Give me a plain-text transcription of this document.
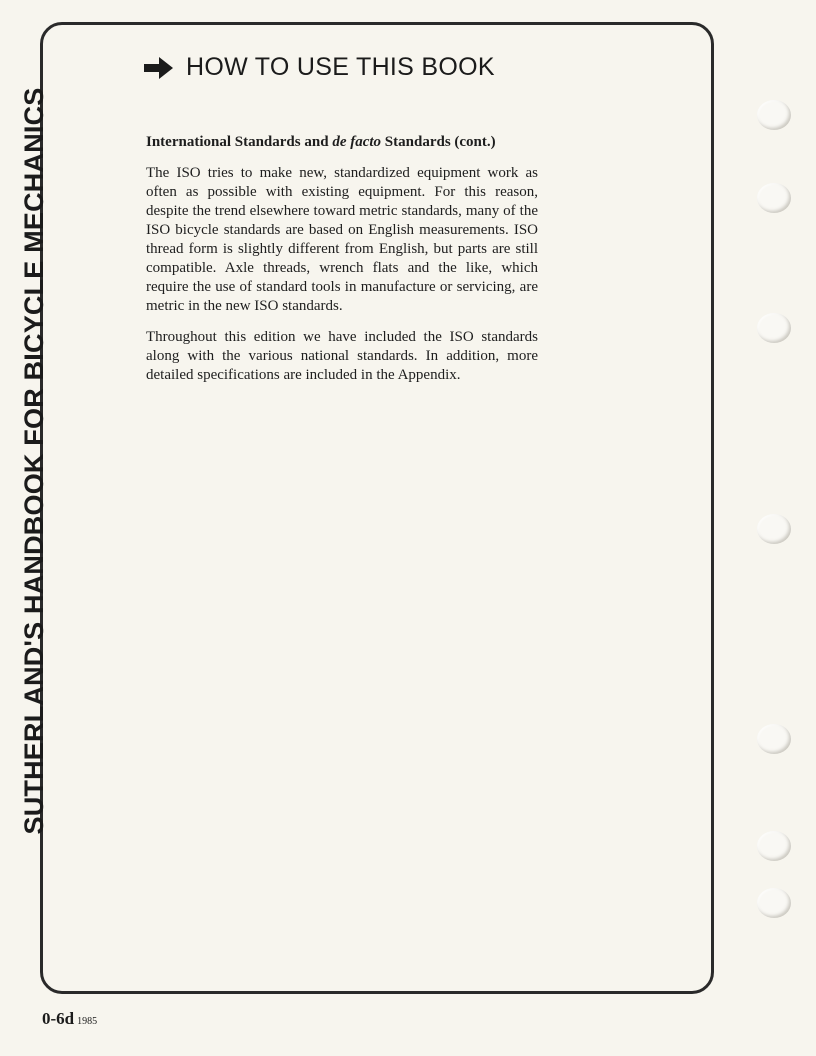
SUTHERLAND'S HANDBOOK FOR BICYCLE MECHANICS
HOW TO USE THIS BOOK
International Standards and de facto Standards (cont.)

The ISO tries to make new, standardized equipment work as often as possible with existing equipment. For this reason, despite the trend elsewhere toward metric standards, many of the ISO bicycle standards are based on English measurements. ISO thread form is slightly different from English, but parts are still compatible. Axle threads, wrench flats and the like, which require the use of standard tools in manufacture or servicing, are metric in the new ISO standards.

Throughout this edition we have included the ISO standards along with the various national standards. In addition, more detailed specifications are included in the Appendix.

0-6d 1985
